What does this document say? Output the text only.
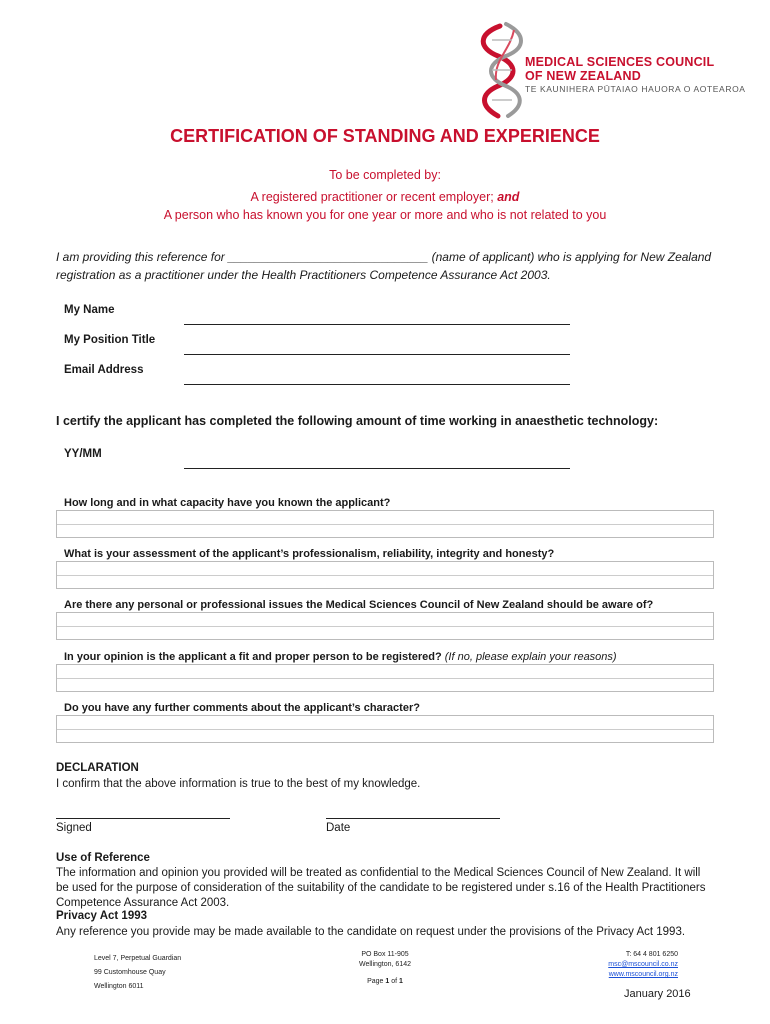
MEDICAL SCIENCES COUNCIL
OF NEW ZEALAND
TE KAUNIHERA PŪTAIAO HAUORA O AOTEAROA
CERTIFICATION OF STANDING AND EXPERIENCE
To be completed by:
A registered practitioner or recent employer; and
A person who has known you for one year or more and who is not related to you
I am providing this reference for ______________________________ (name of applicant) who is applying for New Zealand registration as a practitioner under the Health Practitioners Competence Assurance Act 2003.
My Name
My Position Title
Email Address
I certify the applicant has completed the following amount of time working in anaesthetic technology:
YY/MM
How long and in what capacity have you known the applicant?
What is your assessment of the applicant’s professionalism, reliability, integrity and honesty?
Are there any personal or professional issues the Medical Sciences Council of New Zealand should be aware of?
In your opinion is the applicant a fit and proper person to be registered? (If no, please explain your reasons)
Do you have any further comments about the applicant’s character?
DECLARATION
I confirm that the above information is true to the best of my knowledge.
Signed	Date
Use of Reference
The information and opinion you provided will be treated as confidential to the Medical Sciences Council of New Zealand. It will be used for the purpose of consideration of the suitability of the candidate to be registered under s.16 of the Health Practitioners Competence Assurance Act 2003.
Privacy Act 1993
Any reference you provide may be made available to the candidate on request under the provisions of the Privacy Act 1993.
Level 7, Perpetual Guardian
99 Customhouse Quay
Wellington 6011
PO Box 11-905
Wellington, 6142
Page 1 of 1
T: 64 4 801 6250
msc@mscouncil.co.nz
www.mscouncil.org.nz
January 2016
